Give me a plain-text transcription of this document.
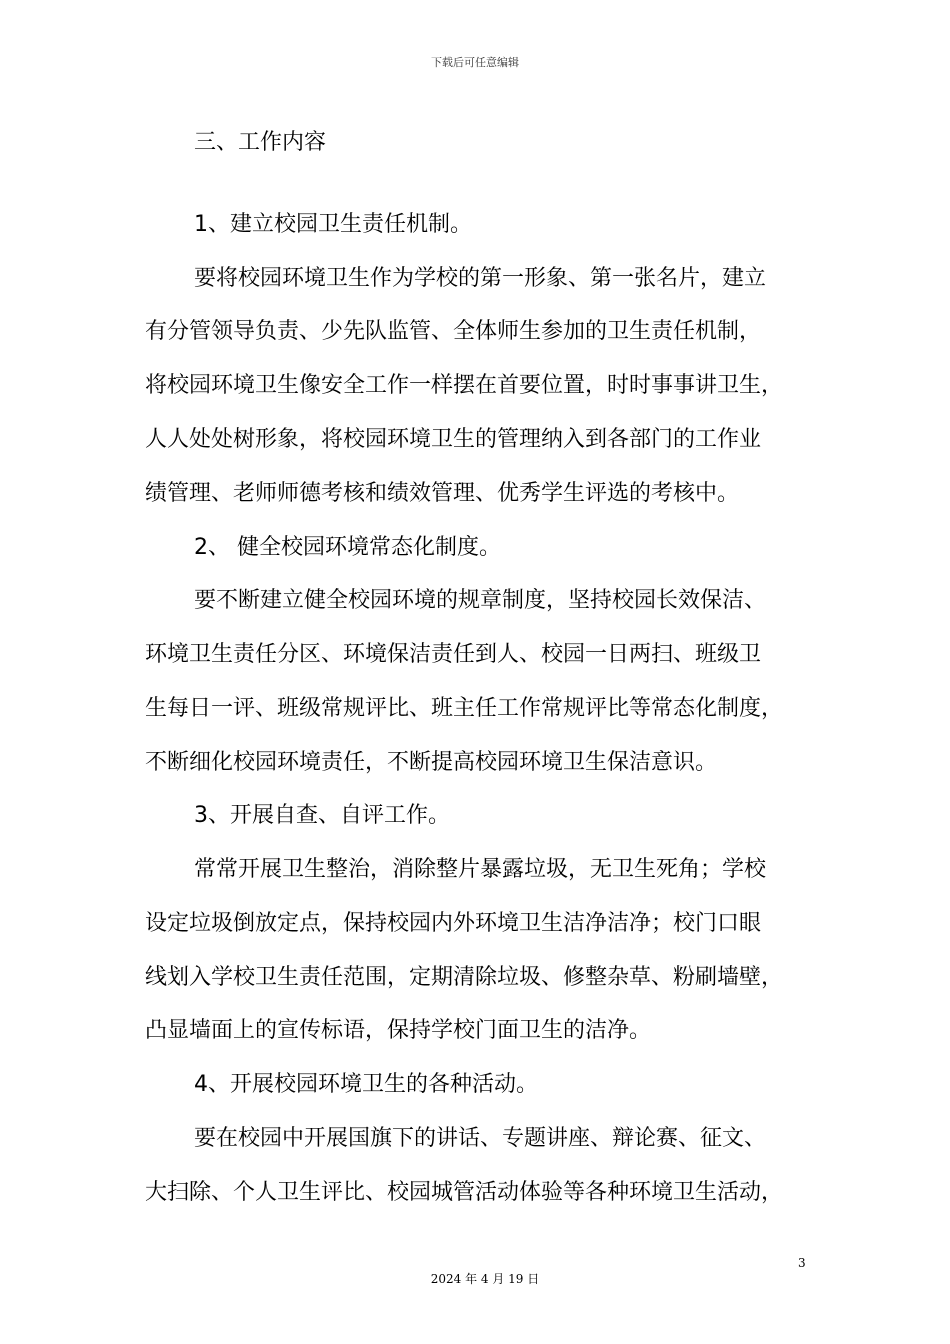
下载后可任意编辑
三、工作内容
1、建立校园卫生责任机制。
要将校园环境卫生作为学校的第一形象、第一张名片，建立
有分管领导负责、少先队监管、全体师生参加的卫生责任机制，
将校园环境卫生像安全工作一样摆在首要位置，时时事事讲卫生，
人人处处树形象，将校园环境卫生的管理纳入到各部门的工作业
绩管理、老师师德考核和绩效管理、优秀学生评选的考核中。
2、 健全校园环境常态化制度。
要不断建立健全校园环境的规章制度，坚持校园长效保洁、
环境卫生责任分区、环境保洁责任到人、校园一日两扫、班级卫
生每日一评、班级常规评比、班主任工作常规评比等常态化制度，
不断细化校园环境责任，不断提高校园环境卫生保洁意识。
3、开展自查、自评工作。
常常开展卫生整治，消除整片暴露垃圾，无卫生死角；学校
设定垃圾倒放定点，保持校园内外环境卫生洁净洁净；校门口眼
线划入学校卫生责任范围，定期清除垃圾、修整杂草、粉刷墙壁，
凸显墙面上的宣传标语，保持学校门面卫生的洁净。
4、开展校园环境卫生的各种活动。
要在校园中开展国旗下的讲话、专题讲座、辩论赛、征文、
大扫除、个人卫生评比、校园城管活动体验等各种环境卫生活动，
3
2024 年 4 月 19 日
